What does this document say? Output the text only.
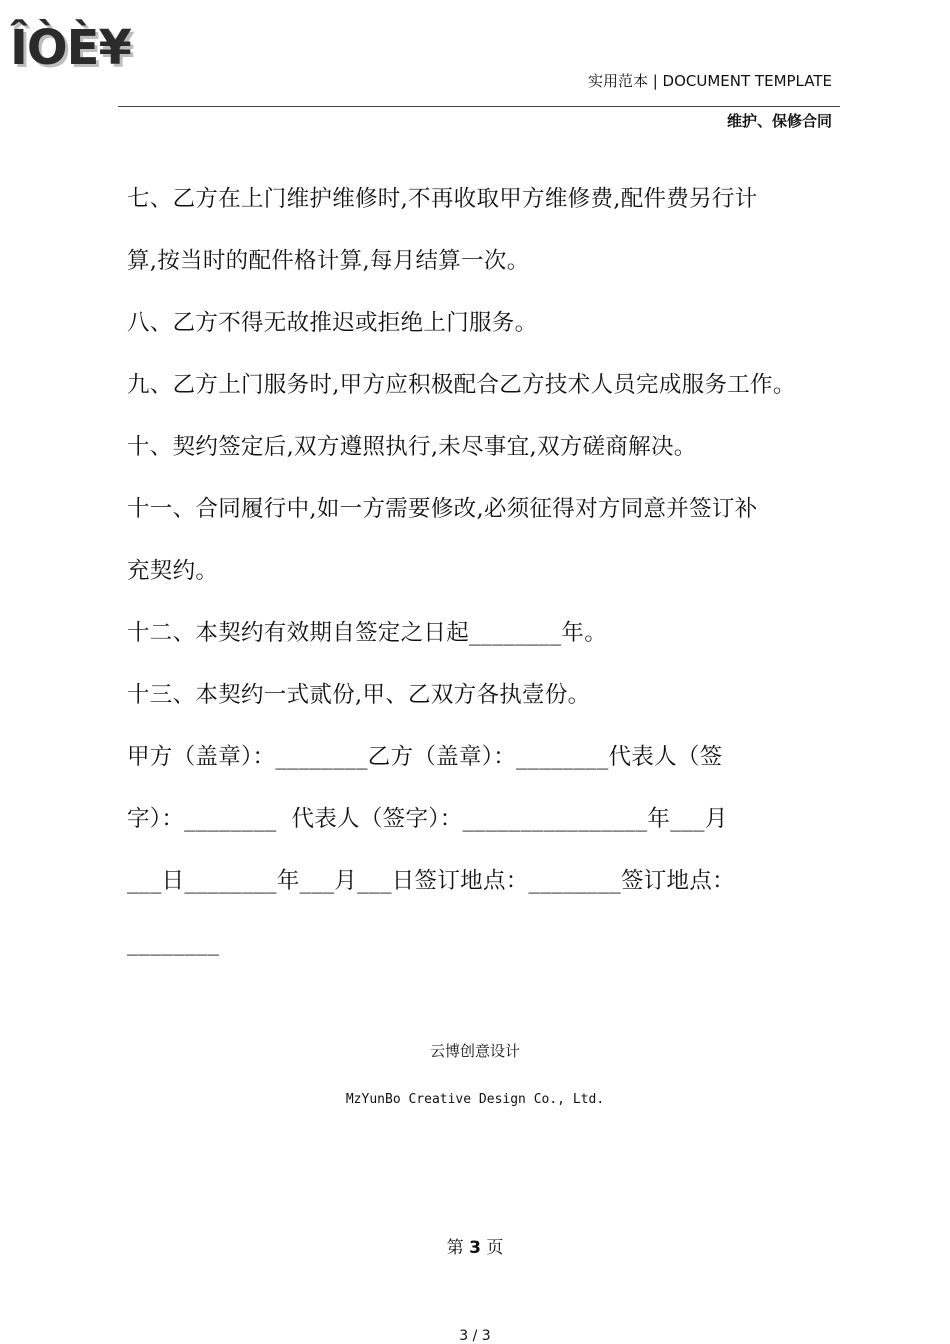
ÎÒÈ¥
实用范本 | DOCUMENT TEMPLATE
维护、保修合同

七、乙方在上门维护维修时,不再收取甲方维修费,配件费另行计

算,按当时的配件格计算,每月结算一次。

八、乙方不得无故推迟或拒绝上门服务。

九、乙方上门服务时,甲方应积极配合乙方技术人员完成服务工作。

十、契约签定后,双方遵照执行,未尽事宜,双方磋商解决。

十一、合同履行中,如一方需要修改,必须征得对方同意并签订补

充契约。

十二、本契约有效期自签定之日起________年。

十三、本契约一式贰份,甲、乙双方各执壹份。

甲方（盖章）：________乙方（盖章）：________代表人（签

字）：________  代表人（签字）：________________年___月

___日________年___月___日签订地点：________签订地点：

________

云博创意设计
MzYunBo Creative Design Co., Ltd.
第 3 页
3 / 3
